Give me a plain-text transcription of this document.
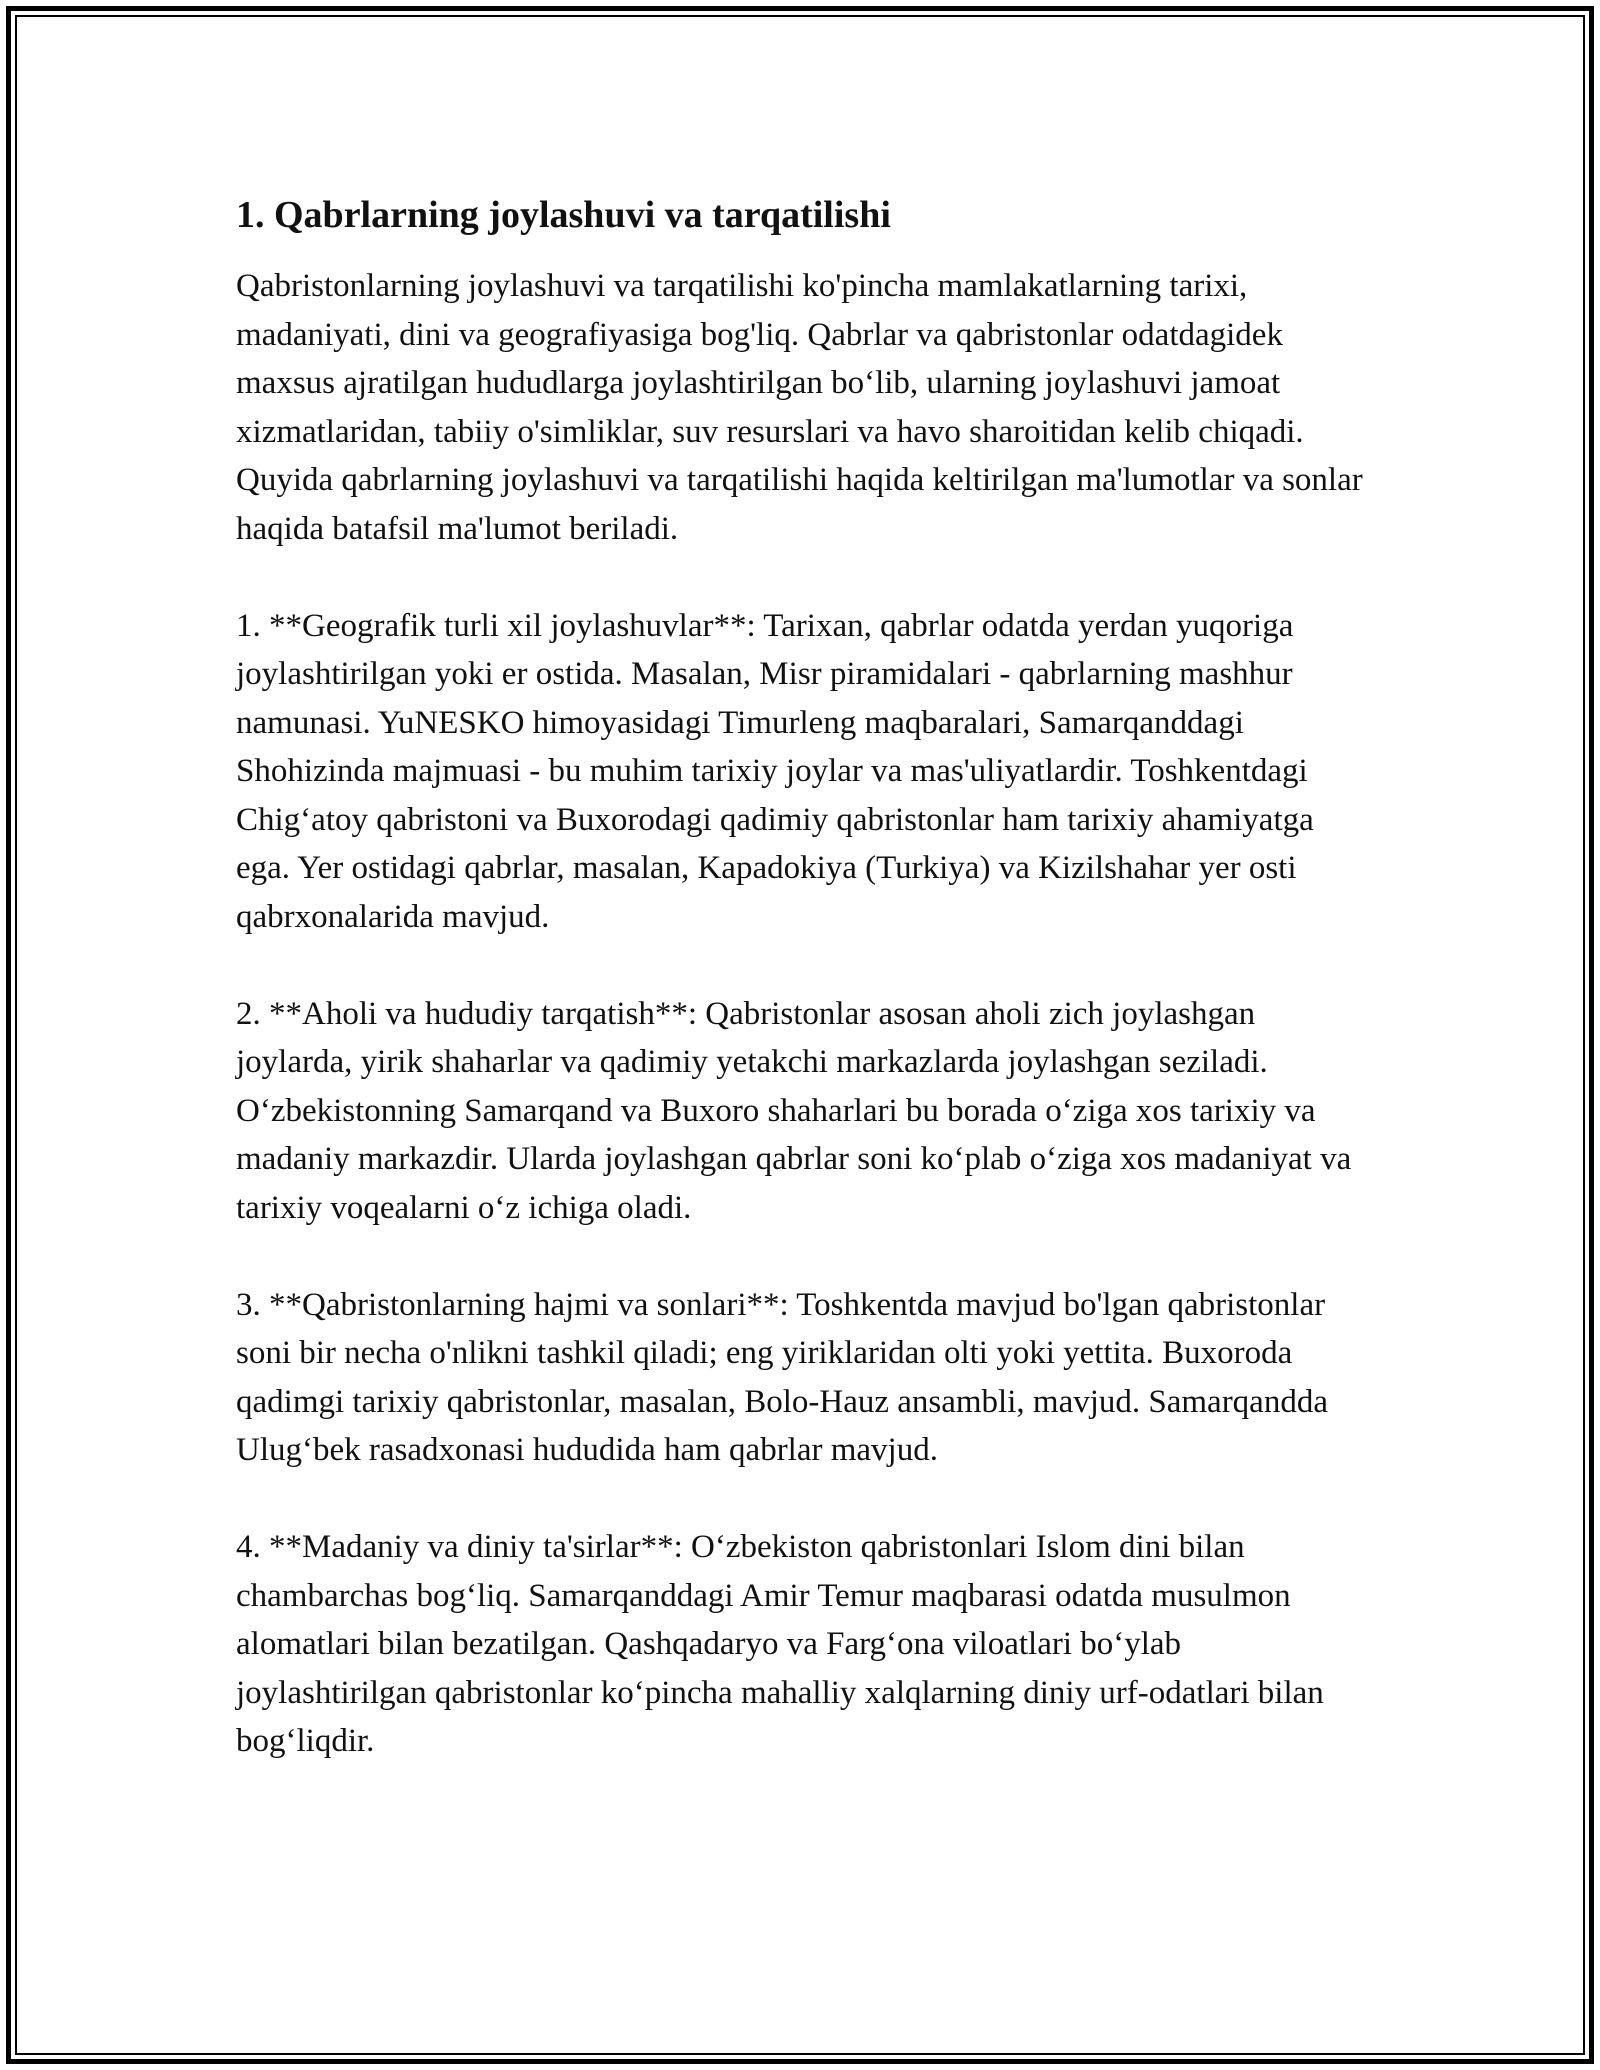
1. Qabrlarning joylashuvi va tarqatilishi

Qabristonlarning joylashuvi va tarqatilishi ko'pincha mamlakatlarning tarixi, madaniyati, dini va geografiyasiga bog'liq. Qabrlar va qabristonlar odatdagidek maxsus ajratilgan hududlarga joylashtirilgan bo‘lib, ularning joylashuvi jamoat xizmatlaridan, tabiiy o'simliklar, suv resurslari va havo sharoitidan kelib chiqadi. Quyida qabrlarning joylashuvi va tarqatilishi haqida keltirilgan ma'lumotlar va sonlar haqida batafsil ma'lumot beriladi.

1. **Geografik turli xil joylashuvlar**: Tarixan, qabrlar odatda yerdan yuqoriga joylashtirilgan yoki er ostida. Masalan, Misr piramidalari - qabrlarning mashhur namunasi. YuNESKO himoyasidagi Timurleng maqbaralari, Samarqanddagi Shohizinda majmuasi - bu muhim tarixiy joylar va mas'uliyatlardir. Toshkentdagi Chig‘atoy qabristoni va Buxorodagi qadimiy qabristonlar ham tarixiy ahamiyatga ega. Yer ostidagi qabrlar, masalan, Kapadokiya (Turkiya) va Kizilshahar yer osti qabrxonalarida mavjud.

2. **Aholi va hududiy tarqatish**: Qabristonlar asosan aholi zich joylashgan joylarda, yirik shaharlar va qadimiy yetakchi markazlarda joylashgan seziladi. O‘zbekistonning Samarqand va Buxoro shaharlari bu borada o‘ziga xos tarixiy va madaniy markazdir. Ularda joylashgan qabrlar soni ko‘plab o‘ziga xos madaniyat va tarixiy voqealarni o‘z ichiga oladi.

3. **Qabristonlarning hajmi va sonlari**: Toshkentda mavjud bo'lgan qabristonlar soni bir necha o'nlikni tashkil qiladi; eng yiriklaridan olti yoki yettita. Buxoroda qadimgi tarixiy qabristonlar, masalan, Bolo-Hauz ansambli, mavjud. Samarqandda Ulug‘bek rasadxonasi hududida ham qabrlar mavjud.

4. **Madaniy va diniy ta'sirlar**: O‘zbekiston qabristonlari Islom dini bilan chambarchas bog‘liq. Samarqanddagi Amir Temur maqbarasi odatda musulmon alomatlari bilan bezatilgan. Qashqadaryo va Farg‘ona viloatlari bo‘ylab joylashtirilgan qabristonlar ko‘pincha mahalliy xalqlarning diniy urf-odatlari bilan bog‘liqdir.
